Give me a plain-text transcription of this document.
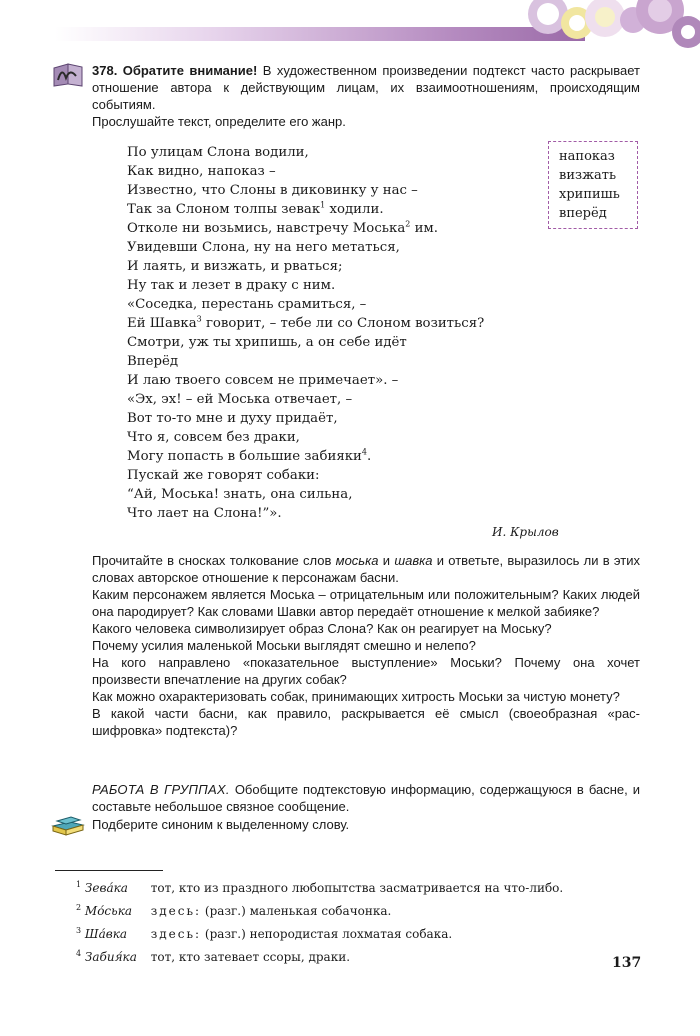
378. Обратите внимание! В художественном произведении подтекст часто раскрывает отношение автора к действующим лицам, их взаимоотношениям, происходящим событиям.
Прослушайте текст, определите его жанр.
По улицам Слона водили,
Как видно, напоказ –
Известно, что Слоны в диковинку у нас –
Так за Слоном толпы зевак$^1$ ходили.
Отколе ни возьмись, навстречу Моська$^2$ им.
Увидевши Слона, ну на него метаться,
И лаять, и визжать, и рваться;
Ну так и лезет в драку с ним.
«Соседка, перестань срамиться, –
Ей Шавка$^3$ говорит, – тебе ли со Слоном возиться?
Смотри, уж ты хрипишь, а он себе идёт
Вперёд
И лаю твоего совсем не примечает». –
«Эх, эх! – ей Моська отвечает, –
Вот то-то мне и духу придаёт,
Что я, совсем без драки,
Могу попасть в большие забияки$^4$.
Пускай же говорят собаки:
“Ай, Моська! знать, она сильна,
Что лает на Слона!”».
напоказ
визжать
хрипишь
вперёд
И. Крылов
Прочитайте в сносках толкование слов моська и шавка и ответьте, выразилось ли в этих словах авторское отношение к персонажам басни.
Каким персонажем является Моська – отрицательным или положительным? Каких людей она пародирует? Как словами Шавки автор передаёт отношение к мелкой забияке?
Какого человека символизирует образ Слона? Как он реагирует на Моську?
Почему усилия маленькой Моськи выглядят смешно и нелепо?
На кого направлено «показательное выступление» Моськи? Почему она хочет произвести впечатление на других собак?
Как можно охарактеризовать собак, принимающих хитрость Моськи за чистую монету?
В какой части басни, как правило, раскрывается её смысл (своеобразная «рас-шифровка» подтекста)?
РАБОТА В ГРУППАХ. Обобщите подтекстовую информацию, содержащуюся в басне, и составьте небольшое связное сообщение.
Подберите синоним к выделенному слову.
$^1$ Зева́ка тот, кто из праздного любопытства засматривается на что-либо.
$^2$ Мо́ська здесь: (разг.) маленькая собачонка.
$^3$ Ша́вка здесь: (разг.) непородистая лохматая собака.
$^4$ Забия́ка тот, кто затевает ссоры, драки.	137
